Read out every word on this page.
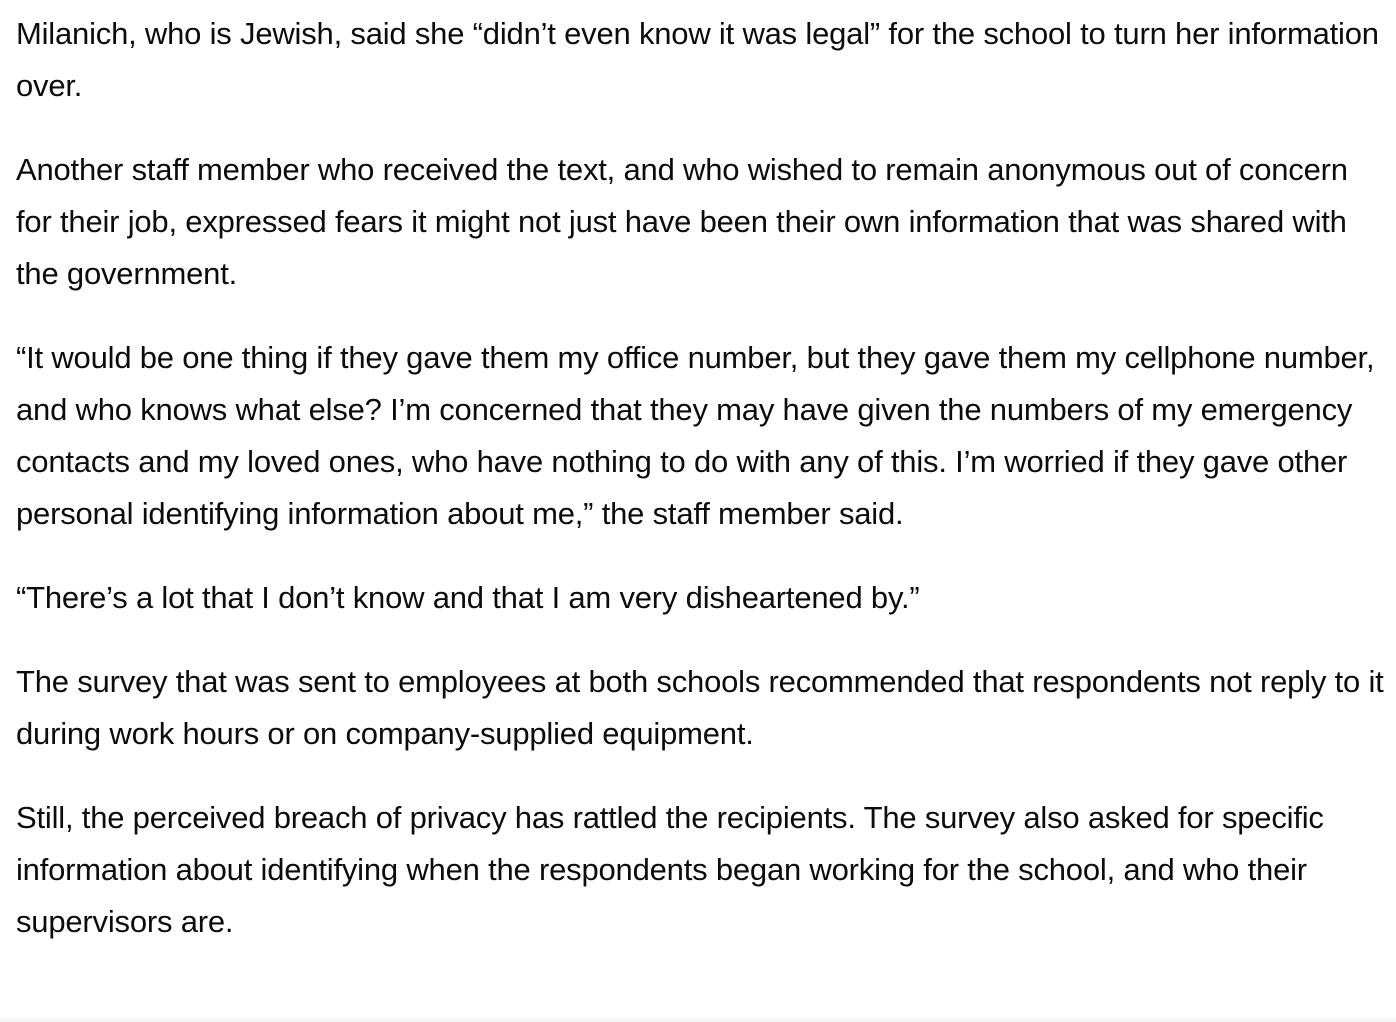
Milanich, who is Jewish, said she “didn’t even know it was legal” for the school to turn her information over.

Another staff member who received the text, and who wished to remain anonymous out of concern for their job, expressed fears it might not just have been their own information that was shared with the government.

“It would be one thing if they gave them my office number, but they gave them my cellphone number, and who knows what else? I’m concerned that they may have given the numbers of my emergency contacts and my loved ones, who have nothing to do with any of this. I’m worried if they gave other personal identifying information about me,” the staff member said.

“There’s a lot that I don’t know and that I am very disheartened by.”

The survey that was sent to employees at both schools recommended that respondents not reply to it during work hours or on company-supplied equipment.

Still, the perceived breach of privacy has rattled the recipients. The survey also asked for specific information about identifying when the respondents began working for the school, and who their supervisors are.
